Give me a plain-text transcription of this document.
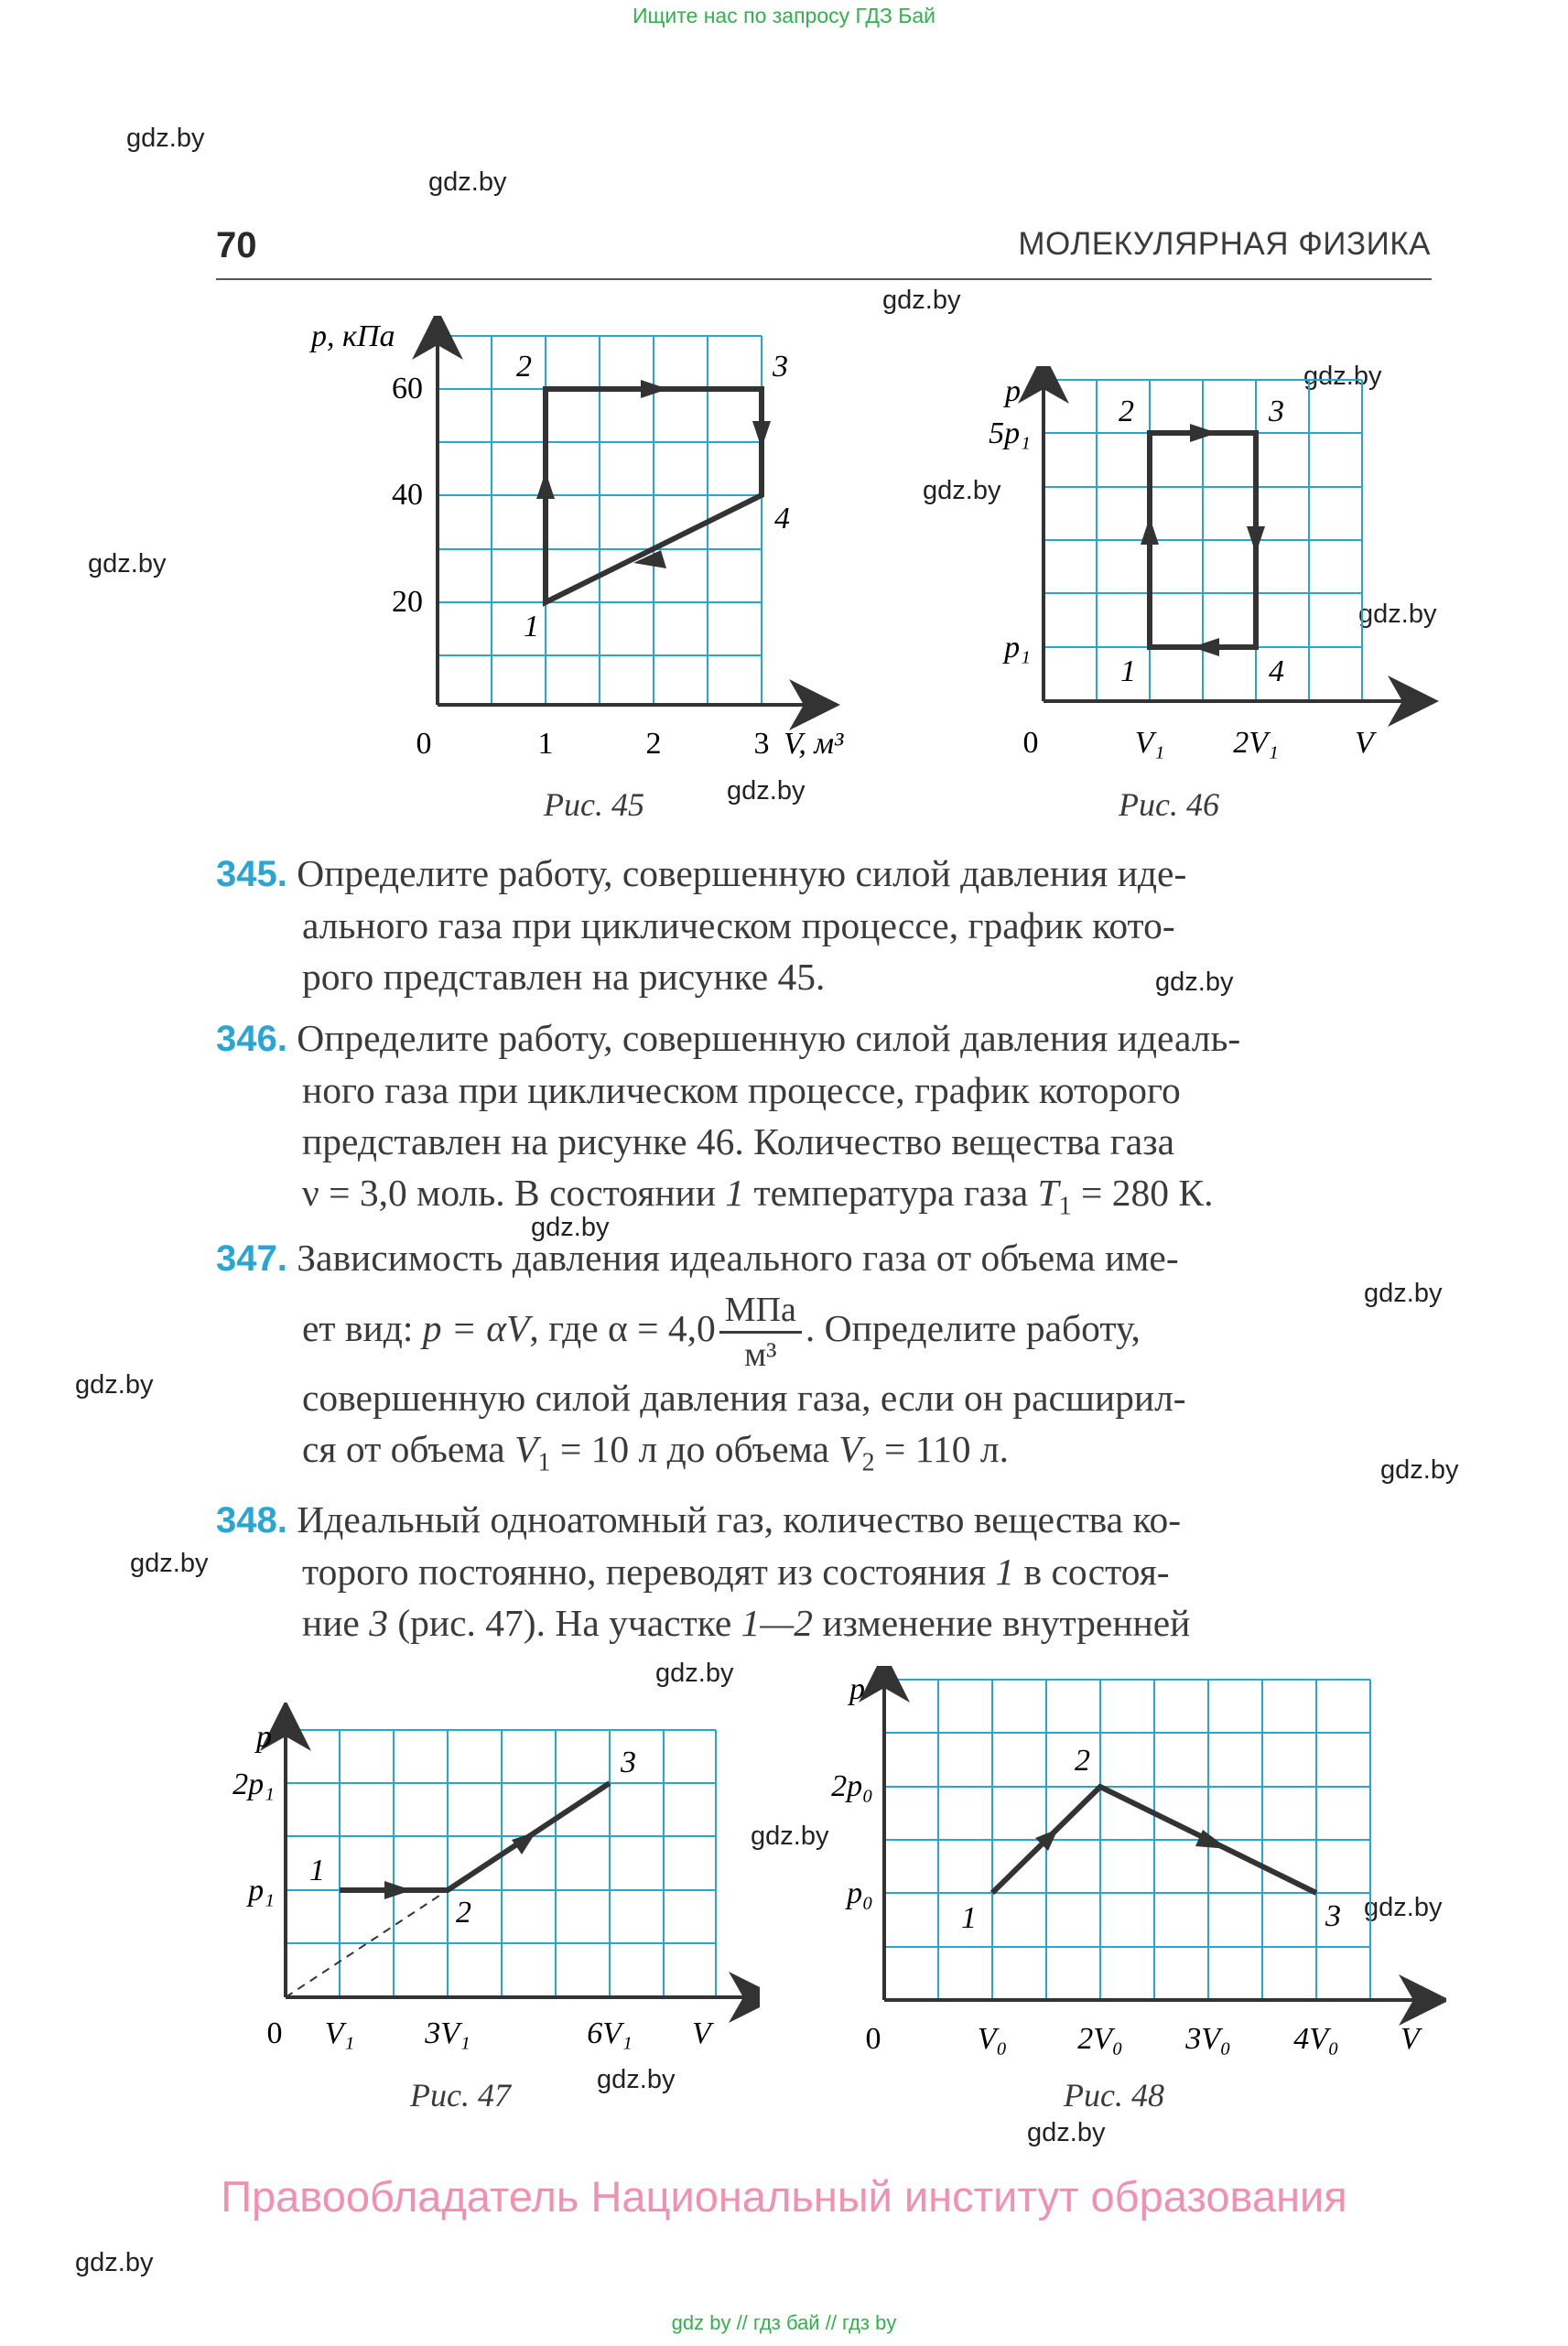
Ищите нас по запросу ГДЗ Бай
70	МОЛЕКУЛЯРНАЯ ФИЗИКА
gdz.by
gdz.by
gdz.by
gdz.by
gdz.by
gdz.by
gdz.by
gdz.by
gdz.by
gdz.by
gdz.by
gdz.by
gdz.by
gdz.by
gdz.by
gdz.by
gdz.by
gdz.by
gdz.by
gdz.by
p, кПа
60
40
20
0	1	2	3 V, м³
1
2	3
4
Рис. 45
p
5p₁
p₁
0	V₁ 2V₁ V
1
2	3
4
Рис. 46
345. Определите работу, совершенную силой давления иде-
ального газа при циклическом процессе, график кото-
рого представлен на рисунке 45.
346. Определите работу, совершенную силой давления идеаль-
ного газа при циклическом процессе, график которого
представлен на рисунке 46. Количество вещества газа
ν = 3,0 моль. В состоянии 1 температура газа $T_1 = 280$ К.
347. Зависимость давления идеального газа от объема име-
ет вид: p = αV, где $\alpha = 4,0 \frac{\text{МПа}}{\text{м³}}$ . Определите работу,
совершенную силой давления газа, если он расширил-
ся от объема $V_1 = 10$ л до объема $V_2 = 110$ л.
348. Идеальный одноатомный газ, количество вещества ко-
торого постоянно, переводят из состояния 1 в состоя-
ние 3 (рис. 47). На участке 1—2 изменение внутренней
p
2p₁
p₁
0 V₁ 3V₁	6V₁ V
1
2
3
Рис. 47
p
2p₀
p₀
0	V₀ 2V₀ 3V₀ 4V₀ V
1
2
3
Рис. 48
Правообладатель Национальный институт образования
gdz by // гдз бай // гдз by
